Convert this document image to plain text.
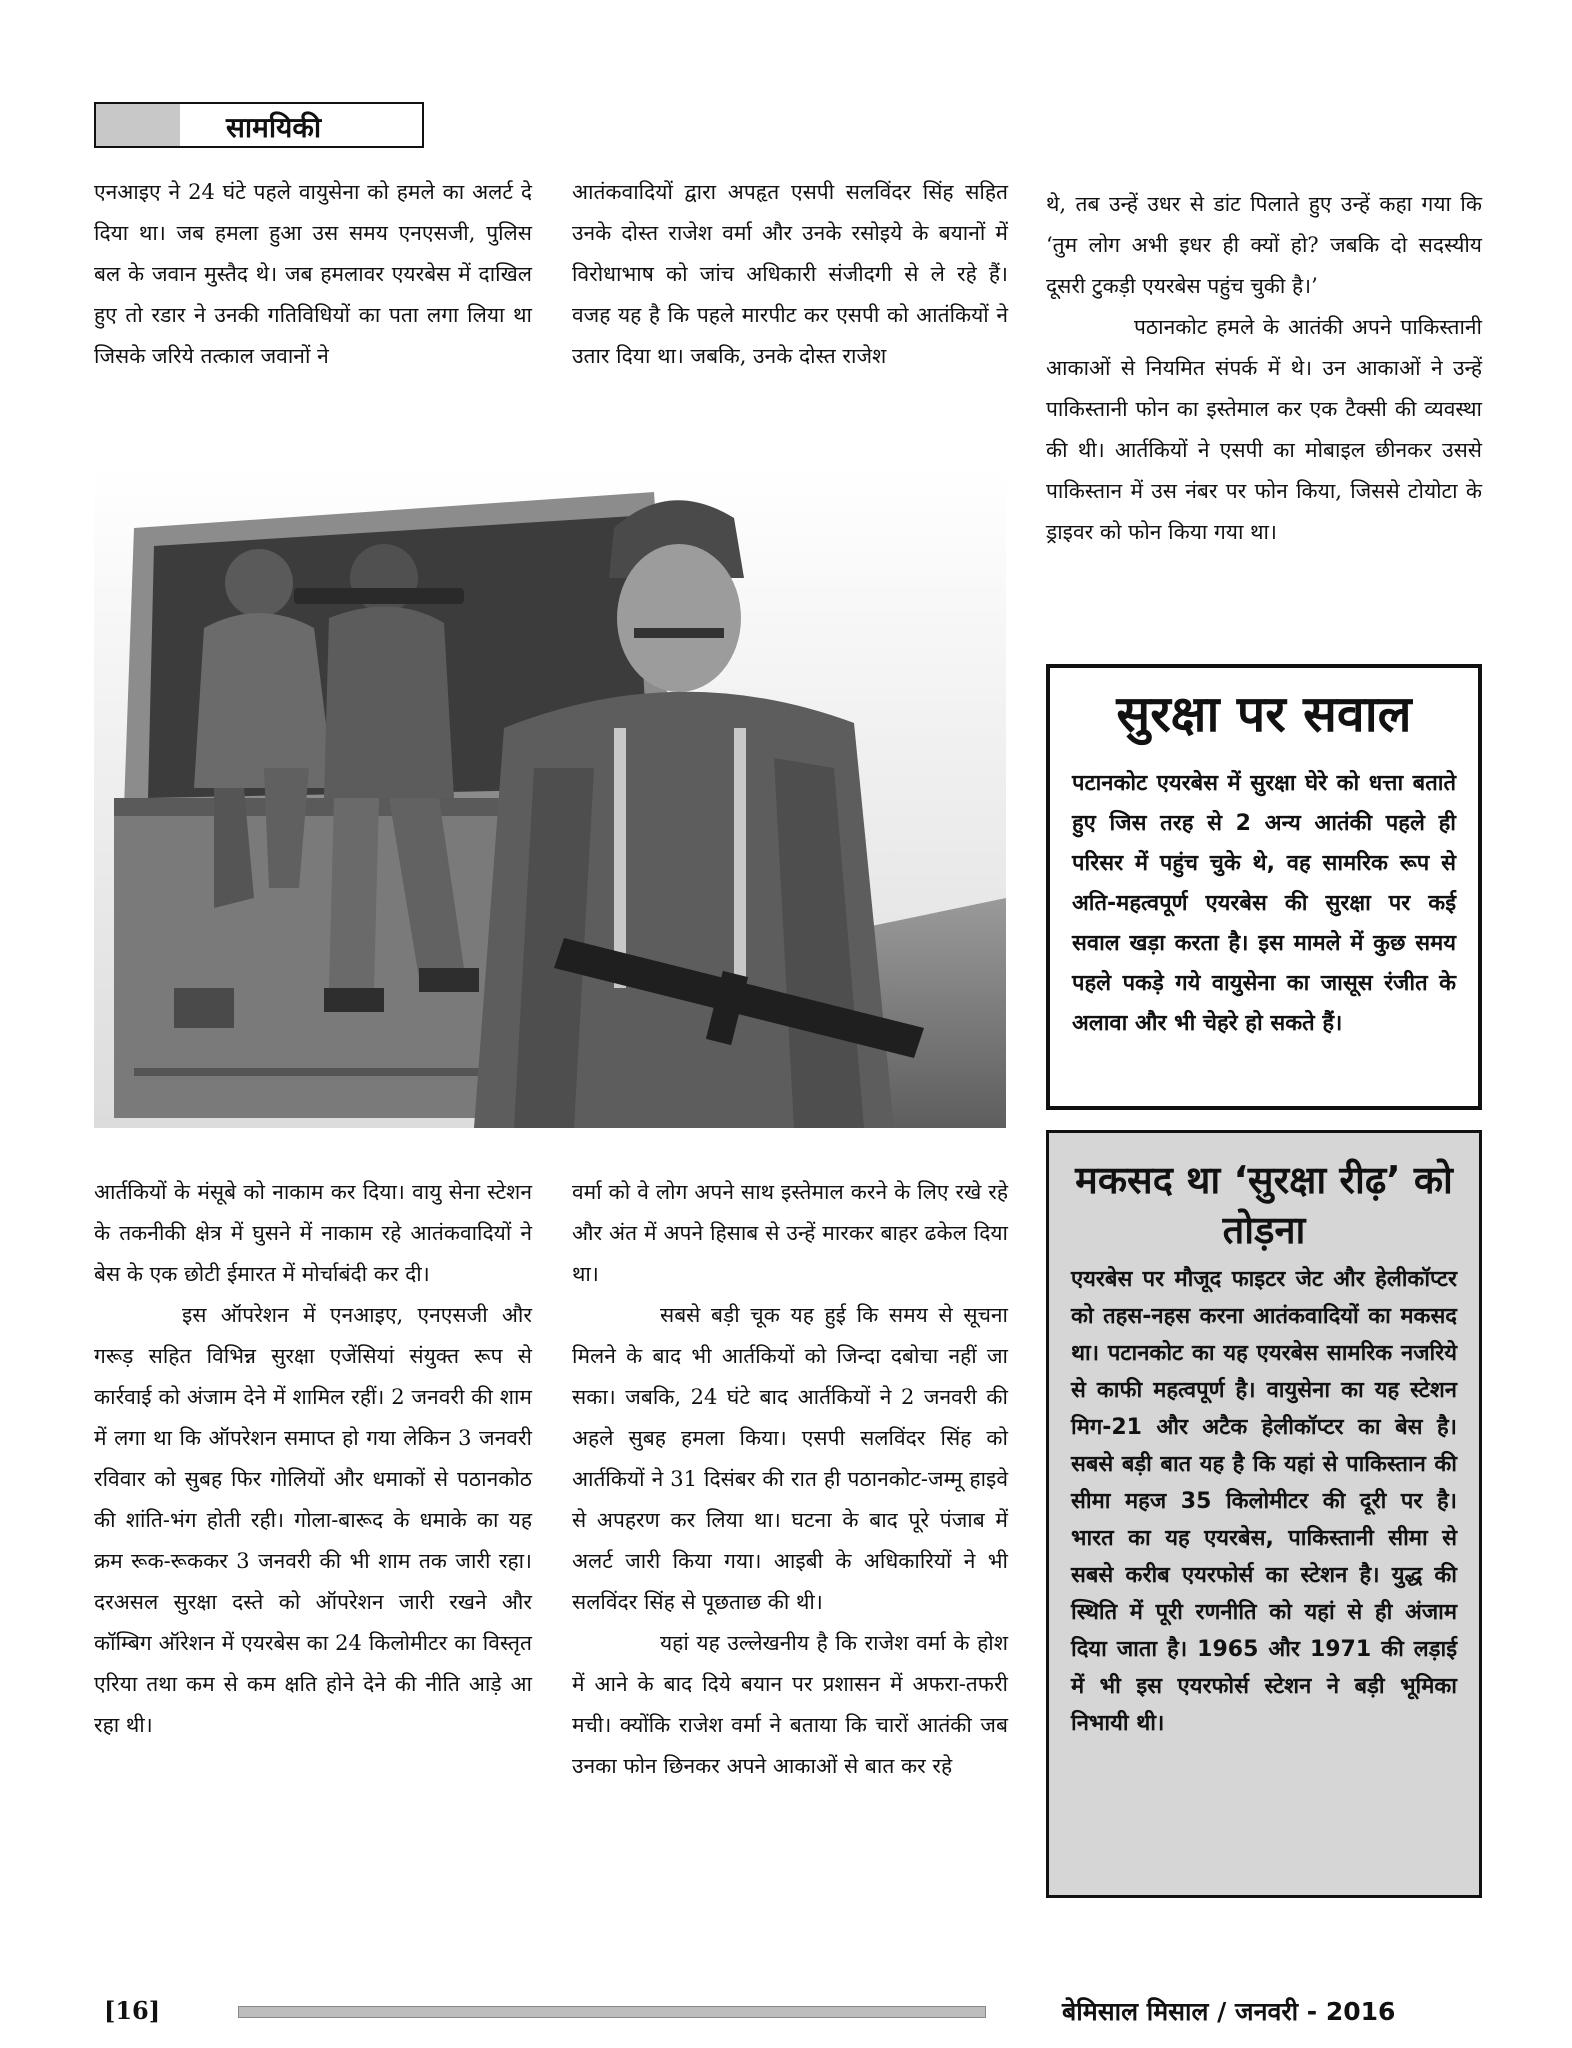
सामयिकी

एनआइए ने 24 घंटे पहले वायुसेना को हमले का अलर्ट दे दिया था। जब हमला हुआ उस समय एनएसजी, पुलिस बल के जवान मुस्तैद थे। जब हमलावर एयरबेस में दाखिल हुए तो रडार ने उनकी गतिविधियों का पता लगा लिया था जिसके जरिये तत्काल जवानों ने

आतंकवादियों द्वारा अपहृत एसपी सलविंदर सिंह सहित उनके दोस्त राजेश वर्मा और उनके रसोइये के बयानों में विरोधाभाष को जांच अधिकारी संजीदगी से ले रहे हैं। वजह यह है कि पहले मारपीट कर एसपी को आतंकियों ने उतार दिया था। जबकि, उनके दोस्त राजेश

थे, तब उन्हें उधर से डांट पिलाते हुए उन्हें कहा गया कि ‘तुम लोग अभी इधर ही क्यों हो? जबकि दो सदस्यीय दूसरी टुकड़ी एयरबेस पहुंच चुकी है।’

पठानकोट हमले के आतंकी अपने पाकिस्तानी आकाओं से नियमित संपर्क में थे। उन आकाओं ने उन्हें पाकिस्तानी फोन का इस्तेमाल कर एक टैक्सी की व्यवस्था की थी। आर्तकियों ने एसपी का मोबाइल छीनकर उससे पाकिस्तान में उस नंबर पर फोन किया, जिससे टोयोटा के ड्राइवर को फोन किया गया था।

सुरक्षा पर सवाल
पटानकोट एयरबेस में सुरक्षा घेरे को धत्ता बताते हुए जिस तरह से 2 अन्य आतंकी पहले ही परिसर में पहुंच चुके थे, वह सामरिक रूप से अति-महत्वपूर्ण एयरबेस की सुरक्षा पर कई सवाल खड़ा करता है। इस मामले में कुछ समय पहले पकड़े गये वायुसेना का जासूस रंजीत के अलावा और भी चेहरे हो सकते हैं।

आर्तकियों के मंसूबे को नाकाम कर दिया। वायु सेना स्टेशन के तकनीकी क्षेत्र में घुसने में नाकाम रहे आतंकवादियों ने बेस के एक छोटी ईमारत में मोर्चाबंदी कर दी।

इस ऑपरेशन में एनआइए, एनएसजी और गरूड़ सहित विभिन्न सुरक्षा एजेंसियां संयुक्त रूप से कार्रवाई को अंजाम देने में शामिल रहीं। 2 जनवरी की शाम में लगा था कि ऑपरेशन समाप्त हो गया लेकिन 3 जनवरी रविवार को सुबह फिर गोलियों और धमाकों से पठानकोठ की शांति-भंग होती रही। गोला-बारूद के धमाके का यह क्रम रूक-रूककर 3 जनवरी की भी शाम तक जारी रहा। दरअसल सुरक्षा दस्ते को ऑपरेशन जारी रखने और कॉम्बिग ऑरेशन में एयरबेस का 24 किलोमीटर का विस्तृत एरिया तथा कम से कम क्षति होने देने की नीति आड़े आ रहा थी।

वर्मा को वे लोग अपने साथ इस्तेमाल करने के लिए रखे रहे और अंत में अपने हिसाब से उन्हें मारकर बाहर ढकेल दिया था।

सबसे बड़ी चूक यह हुई कि समय से सूचना मिलने के बाद भी आर्तकियों को जिन्दा दबोचा नहीं जा सका। जबकि, 24 घंटे बाद आर्तकियों ने 2 जनवरी की अहले सुबह हमला किया। एसपी सलविंदर सिंह को आर्तकियों ने 31 दिसंबर की रात ही पठानकोट-जम्मू हाइवे से अपहरण कर लिया था। घटना के बाद पूरे पंजाब में अलर्ट जारी किया गया। आइबी के अधिकारियों ने भी सलविंदर सिंह से पूछताछ की थी।

यहां यह उल्लेखनीय है कि राजेश वर्मा के होश में आने के बाद दिये बयान पर प्रशासन में अफरा-तफरी मची। क्योंकि राजेश वर्मा ने बताया कि चारों आतंकी जब उनका फोन छिनकर अपने आकाओं से बात कर रहे

मकसद था ‘सुरक्षा रीढ़’ को तोड़ना
एयरबेस पर मौजूद फाइटर जेट और हेलीकॉप्टर को तहस-नहस करना आतंकवादियों का मकसद था। पटानकोट का यह एयरबेस सामरिक नजरिये से काफी महत्वपूर्ण है। वायुसेना का यह स्टेशन मिग-21 और अटैक हेलीकॉप्टर का बेस है। सबसे बड़ी बात यह है कि यहां से पाकिस्तान की सीमा महज 35 किलोमीटर की दूरी पर है। भारत का यह एयरबेस, पाकिस्तानी सीमा से सबसे करीब एयरफोर्स का स्टेशन है। युद्ध की स्थिति में पूरी रणनीति को यहां से ही अंजाम दिया जाता है। 1965 और 1971 की लड़ाई में भी इस एयरफोर्स स्टेशन ने बड़ी भूमिका निभायी थी।
[16]	बेमिसाल मिसाल / जनवरी - 2016
